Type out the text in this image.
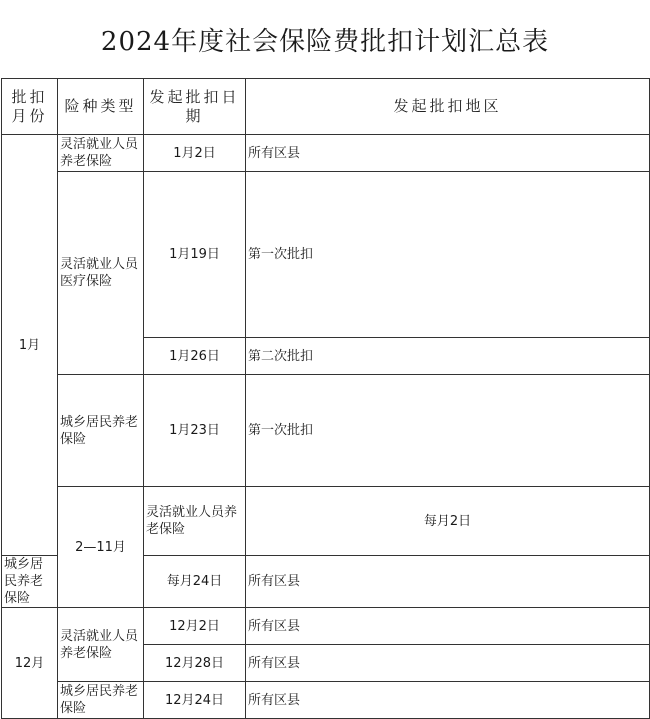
2024年度社会保险费批扣计划汇总表
批扣月份	险种类型	发起批扣日期	发起批扣地区	
1月	灵活就业人员养老保险	1月2日	所有区县	
	灵活就业人员医疗保险	1月19日	第一次批扣	
		1月26日	第二次批扣	
	城乡居民养老保险	1月23日	第一次批扣	
	2—11月	灵活就业人员养老保险	每月2日	
城乡居民养老保险		每月24日	所有区县	
12月	灵活就业人员养老保险	12月2日	所有区县	
		12月28日	所有区县	
	城乡居民养老保险	12月24日	所有区县	
